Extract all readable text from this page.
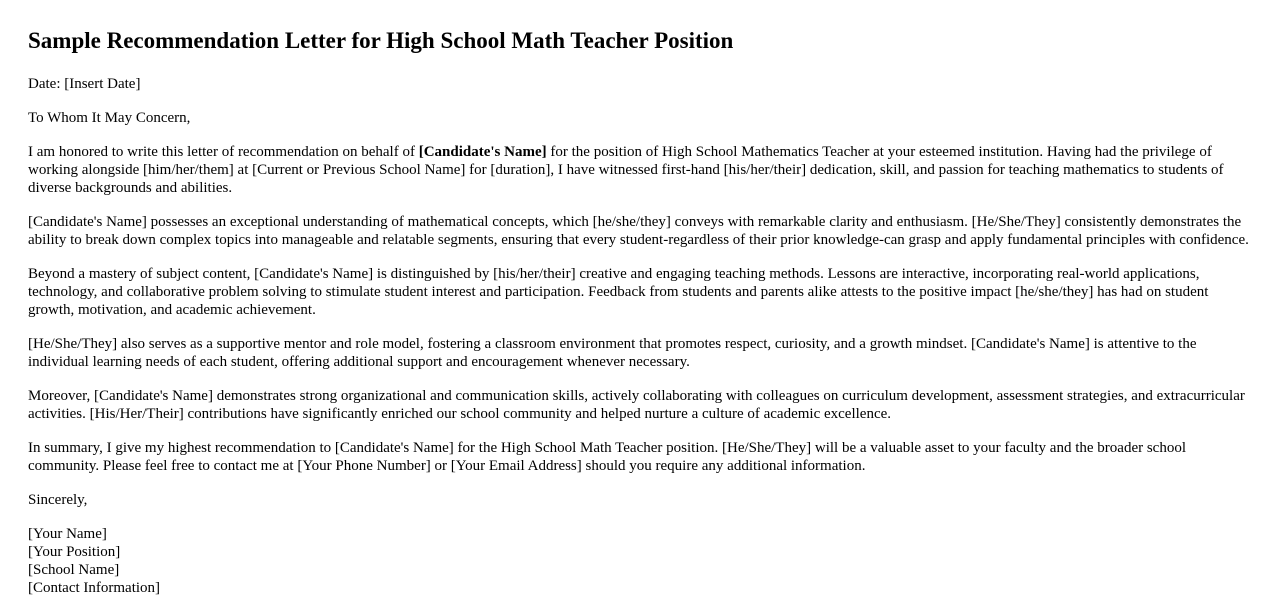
Sample Recommendation Letter for High School Math Teacher Position

Date: [Insert Date]

To Whom It May Concern,

I am honored to write this letter of recommendation on behalf of [Candidate's Name] for the position of High School Mathematics Teacher at your esteemed institution. Having had the privilege of working alongside [him/her/them] at [Current or Previous School Name] for [duration], I have witnessed first-hand [his/her/their] dedication, skill, and passion for teaching mathematics to students of diverse backgrounds and abilities.

[Candidate's Name] possesses an exceptional understanding of mathematical concepts, which [he/she/they] conveys with remarkable clarity and enthusiasm. [He/She/They] consistently demonstrates the ability to break down complex topics into manageable and relatable segments, ensuring that every student-regardless of their prior knowledge-can grasp and apply fundamental principles with confidence.

Beyond a mastery of subject content, [Candidate's Name] is distinguished by [his/her/their] creative and engaging teaching methods. Lessons are interactive, incorporating real-world applications, technology, and collaborative problem solving to stimulate student interest and participation. Feedback from students and parents alike attests to the positive impact [he/she/they] has had on student growth, motivation, and academic achievement.

[He/She/They] also serves as a supportive mentor and role model, fostering a classroom environment that promotes respect, curiosity, and a growth mindset. [Candidate's Name] is attentive to the individual learning needs of each student, offering additional support and encouragement whenever necessary.

Moreover, [Candidate's Name] demonstrates strong organizational and communication skills, actively collaborating with colleagues on curriculum development, assessment strategies, and extracurricular activities. [His/Her/Their] contributions have significantly enriched our school community and helped nurture a culture of academic excellence.

In summary, I give my highest recommendation to [Candidate's Name] for the High School Math Teacher position. [He/She/They] will be a valuable asset to your faculty and the broader school community. Please feel free to contact me at [Your Phone Number] or [Your Email Address] should you require any additional information.

Sincerely,

[Your Name]
[Your Position]
[School Name]
[Contact Information]
